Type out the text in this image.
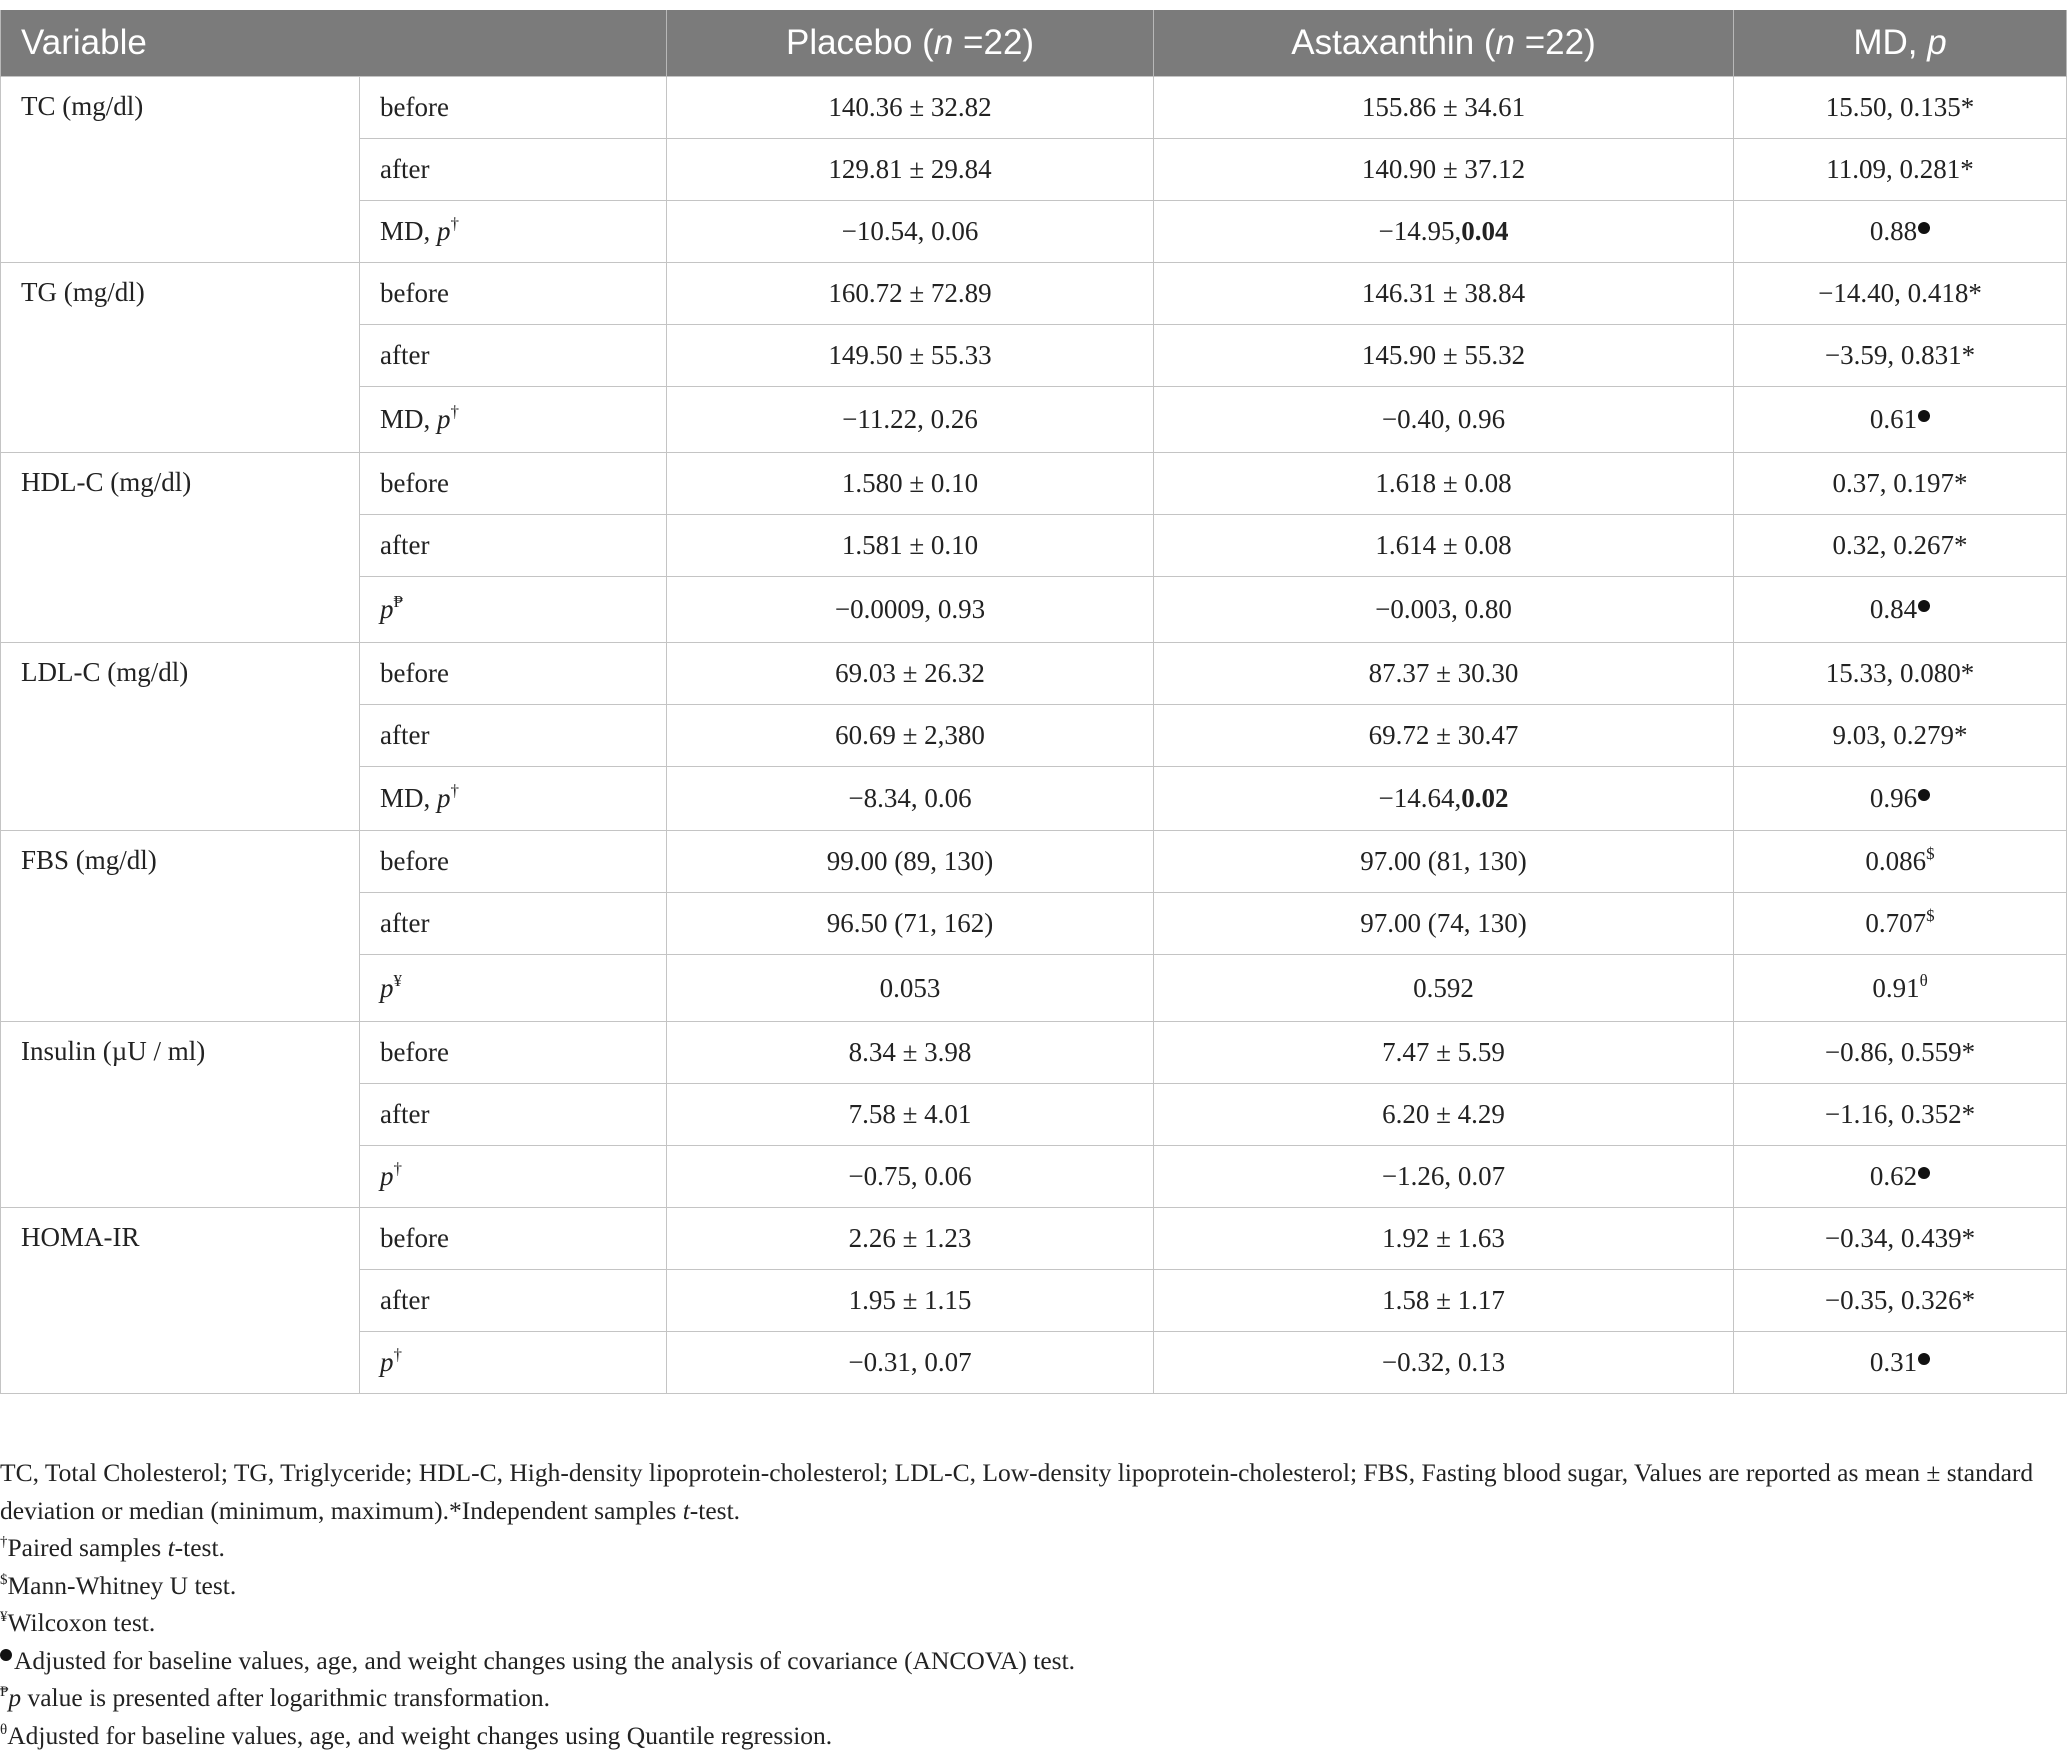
Variable		Placebo (n =22)	Astaxanthin (n =22)	MD, p
TC (mg/dl)	before	140.36 ± 32.82	155.86 ± 34.61	15.50, 0.135*
	after	129.81 ± 29.84	140.90 ± 37.12	11.09, 0.281*
	MD, p†	−10.54, 0.06	−14.95,0.04	0.88
TG (mg/dl)	before	160.72 ± 72.89	146.31 ± 38.84	−14.40, 0.418*
	after	149.50 ± 55.33	145.90 ± 55.32	−3.59, 0.831*
	MD, p†	−11.22, 0.26	−0.40, 0.96	0.61
HDL-C (mg/dl)	before	1.580 ± 0.10	1.618 ± 0.08	0.37, 0.197*
	after	1.581 ± 0.10	1.614 ± 0.08	0.32, 0.267*
	p₱	−0.0009, 0.93	−0.003, 0.80	0.84
LDL-C (mg/dl)	before	69.03 ± 26.32	87.37 ± 30.30	15.33, 0.080*
	after	60.69 ± 2,380	69.72 ± 30.47	9.03, 0.279*
	MD, p†	−8.34, 0.06	−14.64,0.02	0.96
FBS (mg/dl)	before	99.00 (89, 130)	97.00 (81, 130)	0.086$
	after	96.50 (71, 162)	97.00 (74, 130)	0.707$
	p¥	0.053	0.592	$0.91^\theta$
Insulin (µU / ml)	before	8.34 ± 3.98	7.47 ± 5.59	−0.86, 0.559*
	after	7.58 ± 4.01	6.20 ± 4.29	−1.16, 0.352*
	p†	−0.75, 0.06	−1.26, 0.07	0.62
HOMA-IR	before	2.26 ± 1.23	1.92 ± 1.63	−0.34, 0.439*
	after	1.95 ± 1.15	1.58 ± 1.17	−0.35, 0.326*
	p†	−0.31, 0.07	−0.32, 0.13	0.31

TC, Total Cholesterol; TG, Triglyceride; HDL-C, High-density lipoprotein-cholesterol; LDL-C, Low-density lipoprotein-cholesterol; FBS, Fasting blood sugar, Values are reported as mean ± standard deviation or median (minimum, maximum).*Independent samples t-test.

†Paired samples t-test.

$Mann-Whitney U test.

¥Wilcoxon test.

Adjusted for baseline values, age, and weight changes using the analysis of covariance (ANCOVA) test.

₱p value is presented after logarithmic transformation.

$^\theta$Adjusted for baseline values, age, and weight changes using Quantile regression.
